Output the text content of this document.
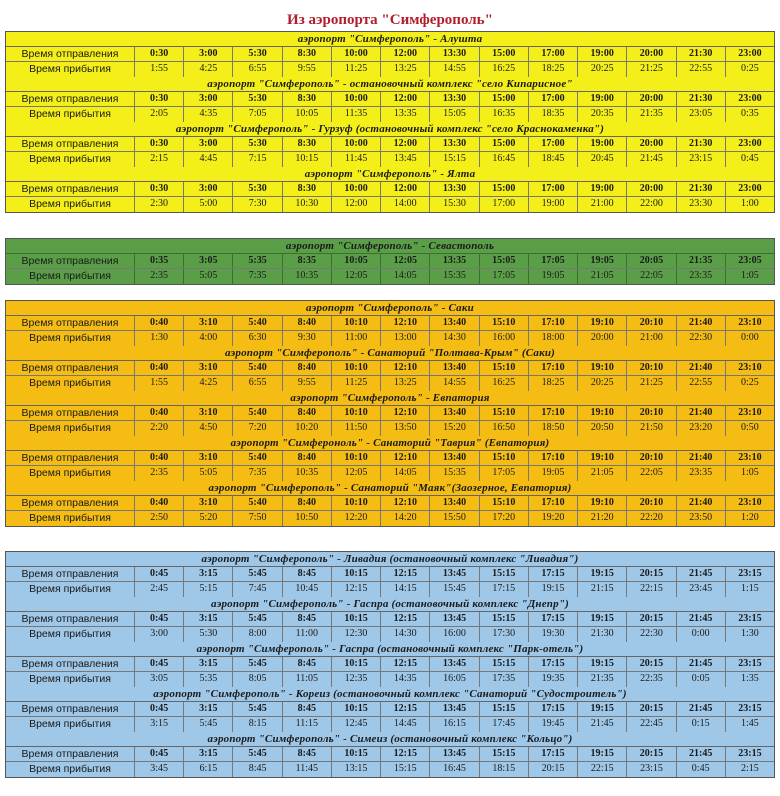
Из аэропорта "Симферополь"
аэропорт "Симферополь" - Алушта
Время отправления	0:30	3:00	5:30	8:30	10:00	12:00	13:30	15:00	17:00	19:00	20:00	21:30	23:00
Время прибытия	1:55	4:25	6:55	9:55	11:25	13:25	14:55	16:25	18:25	20:25	21:25	22:55	0:25
аэропорт "Симферополь" - остановочный комплекс "село Кипарисное"
Время отправления	0:30	3:00	5:30	8:30	10:00	12:00	13:30	15:00	17:00	19:00	20:00	21:30	23:00
Время прибытия	2:05	4:35	7:05	10:05	11:35	13:35	15:05	16:35	18:35	20:35	21:35	23:05	0:35
аэропорт "Симферополь" - Гурзуф (остановочный комплекс "село Краснокаменка")
Время отправления	0:30	3:00	5:30	8:30	10:00	12:00	13:30	15:00	17:00	19:00	20:00	21:30	23:00
Время прибытия	2:15	4:45	7:15	10:15	11:45	13:45	15:15	16:45	18:45	20:45	21:45	23:15	0:45
аэропорт "Симферополь" - Ялта
Время отправления	0:30	3:00	5:30	8:30	10:00	12:00	13:30	15:00	17:00	19:00	20:00	21:30	23:00
Время прибытия	2:30	5:00	7:30	10:30	12:00	14:00	15:30	17:00	19:00	21:00	22:00	23:30	1:00
аэропорт "Симферополь" - Севастополь
Время отправления	0:35	3:05	5:35	8:35	10:05	12:05	13:35	15:05	17:05	19:05	20:05	21:35	23:05
Время прибытия	2:35	5:05	7:35	10:35	12:05	14:05	15:35	17:05	19:05	21:05	22:05	23:35	1:05
аэропорт "Симферополь" - Саки
Время отправления	0:40	3:10	5:40	8:40	10:10	12:10	13:40	15:10	17:10	19:10	20:10	21:40	23:10
Время прибытия	1:30	4:00	6:30	9:30	11:00	13:00	14:30	16:00	18:00	20:00	21:00	22:30	0:00
аэропорт "Симферополь" - Санаторий "Полтава-Крым" (Саки)
Время отправления	0:40	3:10	5:40	8:40	10:10	12:10	13:40	15:10	17:10	19:10	20:10	21:40	23:10
Время прибытия	1:55	4:25	6:55	9:55	11:25	13:25	14:55	16:25	18:25	20:25	21:25	22:55	0:25
аэропорт "Симферополь" - Евпатория
Время отправления	0:40	3:10	5:40	8:40	10:10	12:10	13:40	15:10	17:10	19:10	20:10	21:40	23:10
Время прибытия	2:20	4:50	7:20	10:20	11:50	13:50	15:20	16:50	18:50	20:50	21:50	23:20	0:50
аэропорт "Симфероноль" - Санаторий "Таврия" (Евпатория)
Время отправления	0:40	3:10	5:40	8:40	10:10	12:10	13:40	15:10	17:10	19:10	20:10	21:40	23:10
Время прибытия	2:35	5:05	7:35	10:35	12:05	14:05	15:35	17:05	19:05	21:05	22:05	23:35	1:05
аэропорт "Симферополь" - Санаторий "Маяк"(Заозерное, Евпатория)
Время отправления	0:40	3:10	5:40	8:40	10:10	12:10	13:40	15:10	17:10	19:10	20:10	21:40	23:10
Время прибытия	2:50	5:20	7:50	10:50	12:20	14:20	15:50	17:20	19:20	21:20	22:20	23:50	1:20
аэропорт "Симферополь" - Ливадия (остановочный комплекс "Ливадия")
Время отправления	0:45	3:15	5:45	8:45	10:15	12:15	13:45	15:15	17:15	19:15	20:15	21:45	23:15
Время прибытия	2:45	5:15	7:45	10:45	12:15	14:15	15:45	17:15	19:15	21:15	22:15	23:45	1:15
аэропорт "Симферополь" - Гаспра (остановочный комплекс "Днепр")
Время отправления	0:45	3:15	5:45	8:45	10:15	12:15	13:45	15:15	17:15	19:15	20:15	21:45	23:15
Время прибытия	3:00	5:30	8:00	11:00	12:30	14:30	16:00	17:30	19:30	21:30	22:30	0:00	1:30
аэропорт "Симферополь" - Гаспра (остановочный комплекс "Парк-отель")
Время отправления	0:45	3:15	5:45	8:45	10:15	12:15	13:45	15:15	17:15	19:15	20:15	21:45	23:15
Время прибытия	3:05	5:35	8:05	11:05	12:35	14:35	16:05	17:35	19:35	21:35	22:35	0:05	1:35
аэропорт "Симферополь" - Кореиз (остановочный комплекс "Санаторий "Судостроитель")
Время отправления	0:45	3:15	5:45	8:45	10:15	12:15	13:45	15:15	17:15	19:15	20:15	21:45	23:15
Время прибытия	3:15	5:45	8:15	11:15	12:45	14:45	16:15	17:45	19:45	21:45	22:45	0:15	1:45
аэропорт "Симферополь" - Симеиз (остановочный комплекс "Кольцо")
Время отправления	0:45	3:15	5:45	8:45	10:15	12:15	13:45	15:15	17:15	19:15	20:15	21:45	23:15
Время прибытия	3:45	6:15	8:45	11:45	13:15	15:15	16:45	18:15	20:15	22:15	23:15	0:45	2:15
